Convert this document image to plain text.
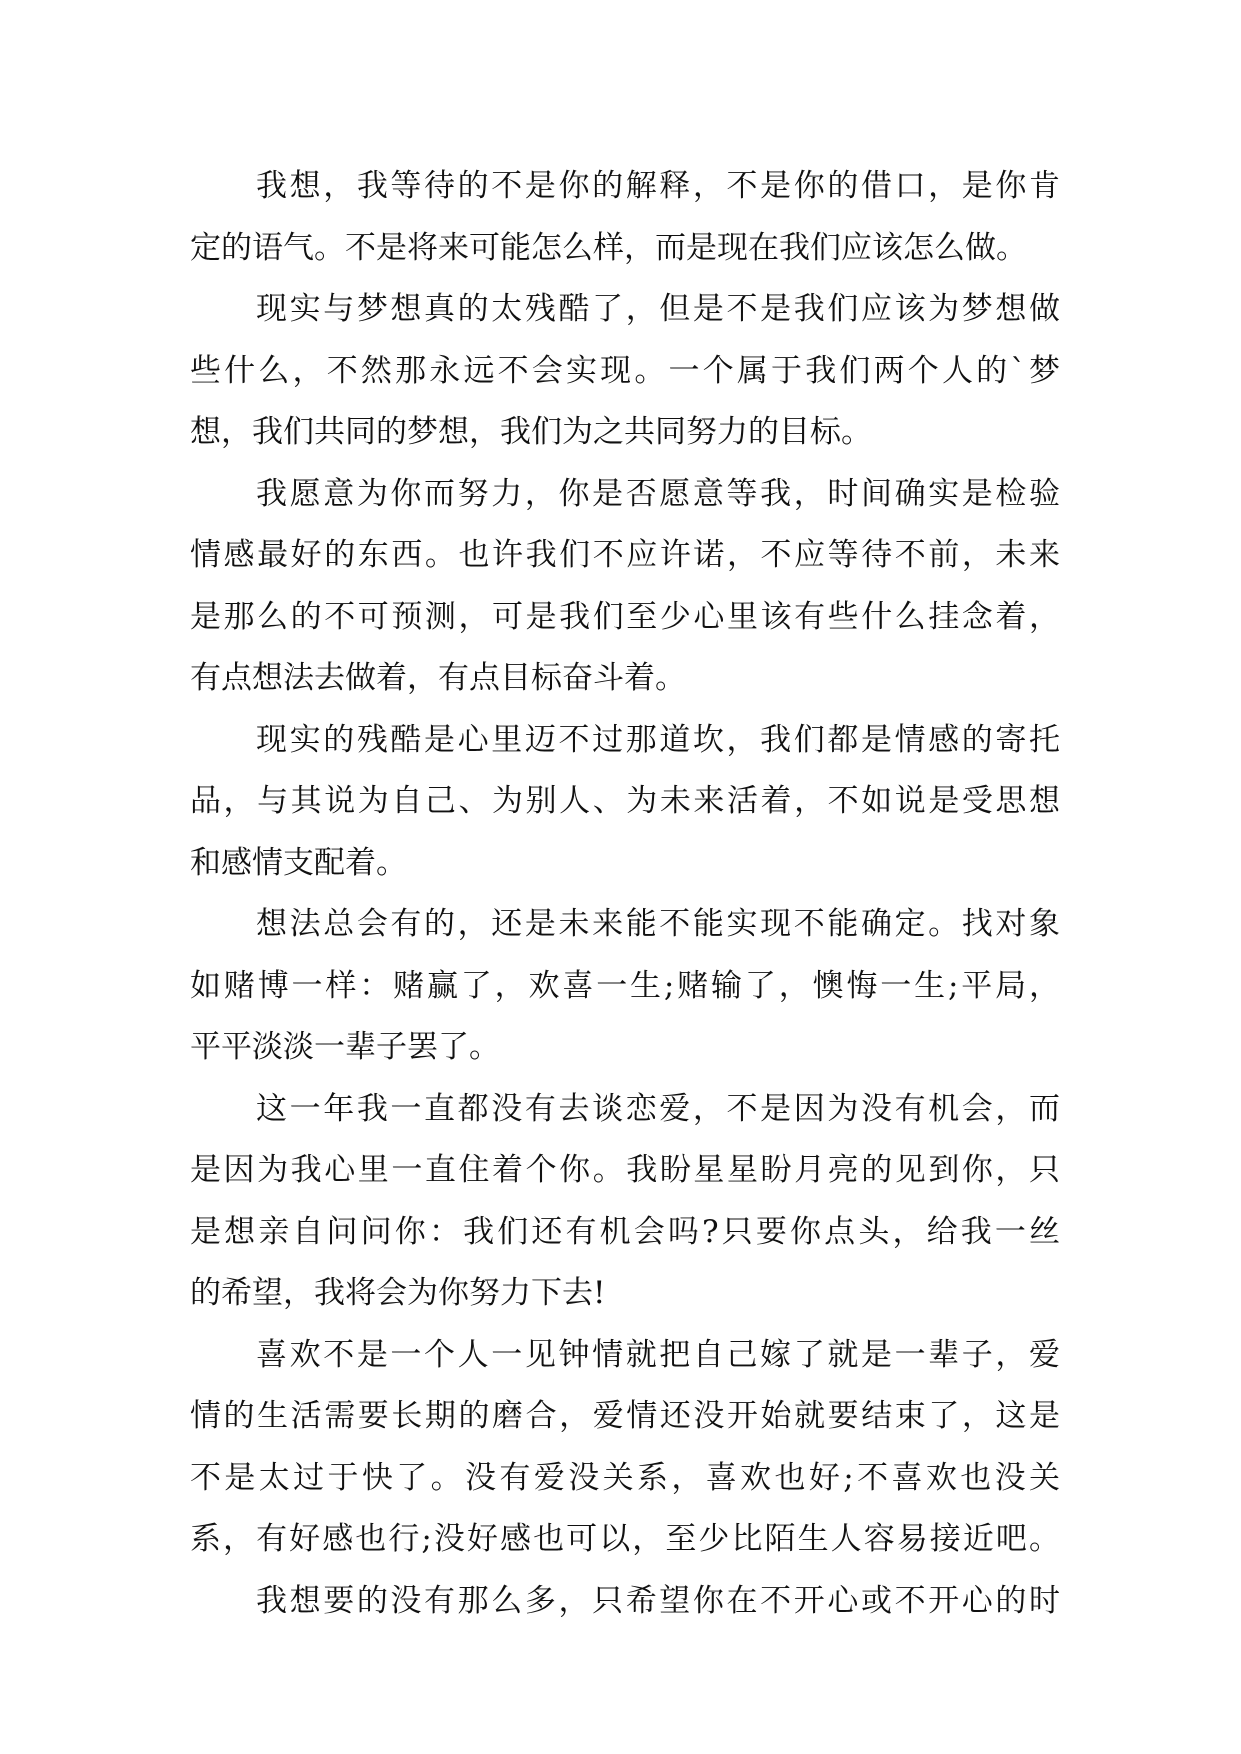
我想，我等待的不是你的解释，不是你的借口，是你肯
定的语气。不是将来可能怎么样，而是现在我们应该怎么做。
现实与梦想真的太残酷了，但是不是我们应该为梦想做
些什么，不然那永远不会实现。一个属于我们两个人的`梦
想，我们共同的梦想，我们为之共同努力的目标。
我愿意为你而努力，你是否愿意等我，时间确实是检验
情感最好的东西。也许我们不应许诺，不应等待不前，未来
是那么的不可预测，可是我们至少心里该有些什么挂念着，
有点想法去做着，有点目标奋斗着。
现实的残酷是心里迈不过那道坎，我们都是情感的寄托
品，与其说为自己、为别人、为未来活着，不如说是受思想
和感情支配着。
想法总会有的，还是未来能不能实现不能确定。找对象
如赌博一样：赌赢了，欢喜一生;赌输了，懊悔一生;平局，
平平淡淡一辈子罢了。
这一年我一直都没有去谈恋爱，不是因为没有机会，而
是因为我心里一直住着个你。我盼星星盼月亮的见到你，只
是想亲自问问你：我们还有机会吗?只要你点头，给我一丝
的希望，我将会为你努力下去!
喜欢不是一个人一见钟情就把自己嫁了就是一辈子，爱
情的生活需要长期的磨合，爱情还没开始就要结束了，这是
不是太过于快了。没有爱没关系，喜欢也好;不喜欢也没关
系，有好感也行;没好感也可以，至少比陌生人容易接近吧。
我想要的没有那么多，只希望你在不开心或不开心的时
